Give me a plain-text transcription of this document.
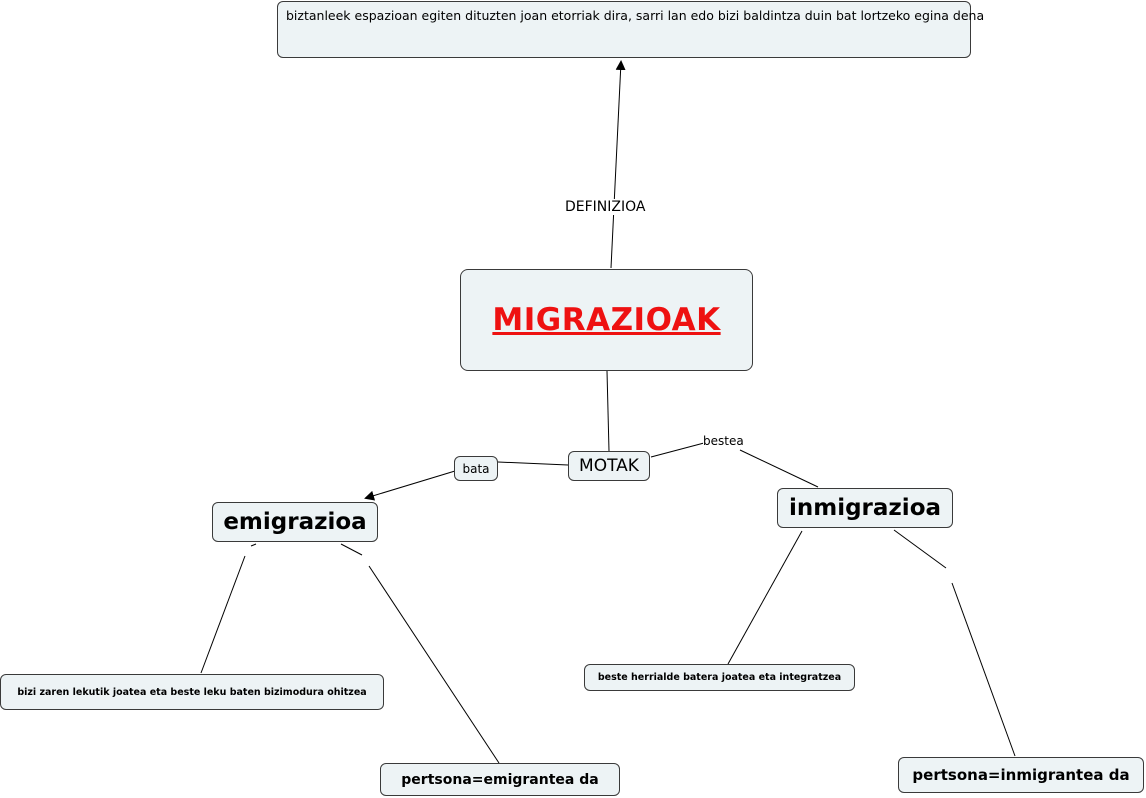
biztanleek espazioan egiten dituzten joan etorriak dira, sarri lan edo bizi baldintza duin bat lortzeko egina dena
DEFINIZIOA
MIGRAZIOAK
MOTAK
bata
bestea
emigrazioa
inmigrazioa
bizi zaren lekutik joatea eta beste leku baten bizimodura ohitzea
beste herrialde batera joatea eta integratzea
pertsona=emigrantea da	pertsona=inmigrantea da
